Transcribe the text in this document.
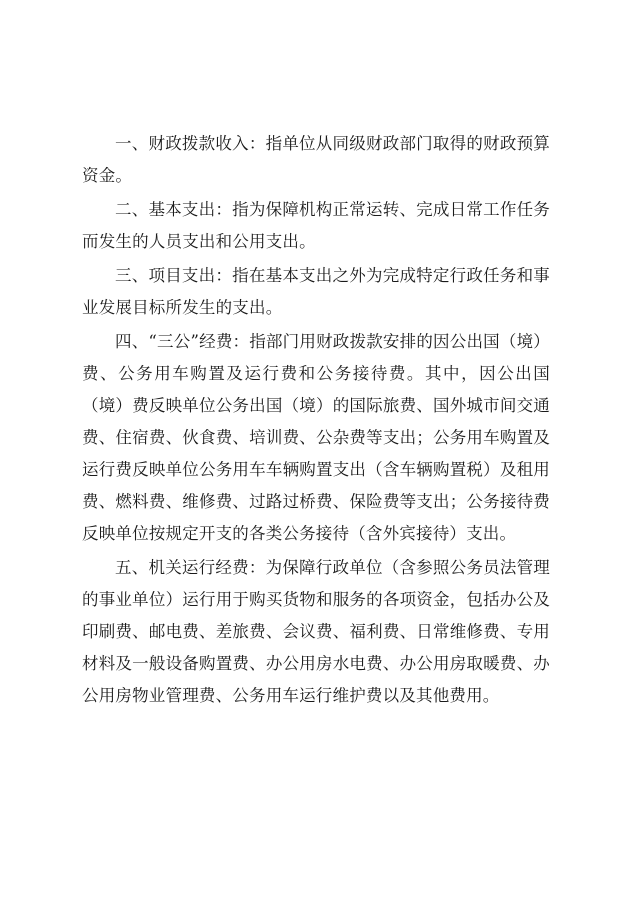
一、财政拨款收入：指单位从同级财政部门取得的财政预算资金。

二、基本支出：指为保障机构正常运转、完成日常工作任务而发生的人员支出和公用支出。

三、项目支出：指在基本支出之外为完成特定行政任务和事业发展目标所发生的支出。

四、“三公”经费：指部门用财政拨款安排的因公出国（境）费、公务用车购置及运行费和公务接待费。其中，因公出国（境）费反映单位公务出国（境）的国际旅费、国外城市间交通费、住宿费、伙食费、培训费、公杂费等支出；公务用车购置及运行费反映单位公务用车车辆购置支出（含车辆购置税）及租用费、燃料费、维修费、过路过桥费、保险费等支出；公务接待费反映单位按规定开支的各类公务接待（含外宾接待）支出。

五、机关运行经费：为保障行政单位（含参照公务员法管理的事业单位）运行用于购买货物和服务的各项资金，包括办公及印刷费、邮电费、差旅费、会议费、福利费、日常维修费、专用材料及一般设备购置费、办公用房水电费、办公用房取暖费、办公用房物业管理费、公务用车运行维护费以及其他费用。
